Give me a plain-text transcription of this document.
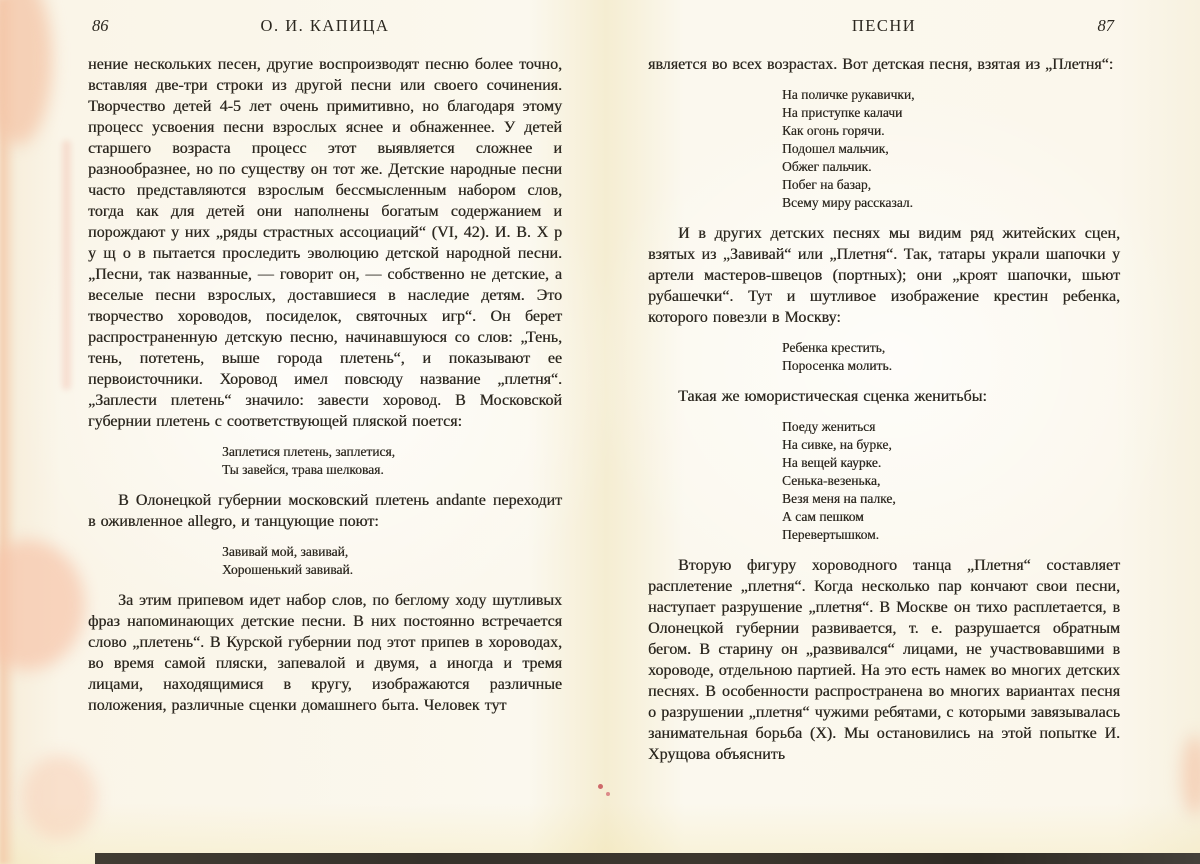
86	О. И. КАПИЦА

нение нескольких песен, другие воспроизводят песню более точно, вставляя две-три строки из другой песни или своего сочинения. Творчество детей 4-5 лет очень примитивно, но благодаря этому процесс усвоения песни взрослых яснее и обнаженнее. У детей старшего возраста процесс этот выявляется сложнее и разнообразнее, но по существу он тот же. Детские народные песни часто представляются взрослым бессмысленным набором слов, тогда как для детей они наполнены богатым содержанием и порождают у них „ряды страстных ассоциаций“ (VI, 42). И. В. Х р у щ о в пытается проследить эволюцию детской народной песни. „Песни, так названные, — говорит он, — собственно не детские, а веселые песни взрослых, доставшиеся в наследие детям. Это творчество хороводов, посиделок, святочных игр“. Он берет распространенную детскую песню, начинавшуюся со слов: „Тень, тень, потетень, выше города плетень“, и показывают ее первоисточники. Хоровод имел повсюду название „плетня“. „Заплести плетень“ значило: завести хоровод. В Московской губернии плетень с соответствующей пляской поется:

Заплетися плетень, заплетися,
Ты завейся, трава шелковая.

В Олонецкой губернии московский плетень andante переходит в оживленное allegro, и танцующие поют:

Завивай мой, завивай,
Хорошенький завивай.

За этим припевом идет набор слов, по беглому ходу шутливых фраз напоминающих детские песни. В них постоянно встречается слово „плетень“. В Курской губернии под этот припев в хороводах, во время самой пляски, запевалой и двумя, а иногда и тремя лицами, находящимися в кругу, изображаются различные положения, различные сценки домашнего быта. Человек тут

ПЕСНИ	87

является во всех возрастах. Вот детская песня, взятая из „Плетня“:

На поличке рукавички,
На приступке калачи
Как огонь горячи.
Подошел мальчик,
Обжег пальчик.
Побег на базар,
Всему миру рассказал.

И в других детских песнях мы видим ряд житейских сцен, взятых из „Завивай“ или „Плетня“. Так, татары украли шапочки у артели мастеров-швецов (портных); они „кроят шапочки, шьют рубашечки“. Тут и шутливое изображение крестин ребенка, которого повезли в Москву:

Ребенка крестить,
Поросенка молить.

Такая же юмористическая сценка женитьбы:

Поеду жениться
На сивке, на бурке,
На вещей каурке.
Сенька-везенька,
Везя меня на палке,
А сам пешком
Перевертышком.

Вторую фигуру хороводного танца „Плетня“ составляет расплетение „плетня“. Когда несколько пар кончают свои песни, наступает разрушение „плетня“. В Москве он тихо расплетается, в Олонецкой губернии развивается, т. е. разрушается обратным бегом. В старину он „развивался“ лицами, не участвовавшими в хороводе, отдельною партией. На это есть намек во многих детских песнях. В особенности распространена во многих вариантах песня о разрушении „плетня“ чужими ребятами, с которыми завязывалась занимательная борьба (X). Мы остановились на этой попытке И. Хрущова объяснить
